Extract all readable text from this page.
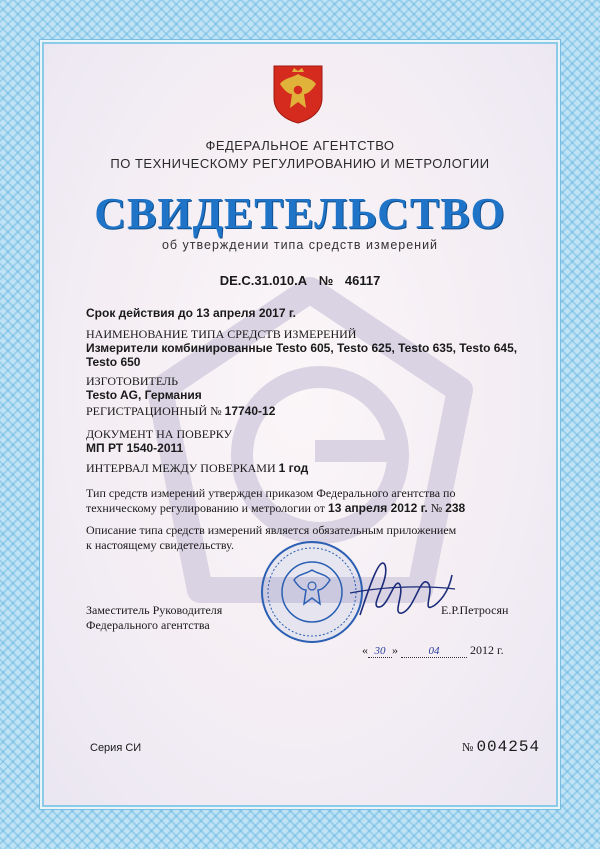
ФЕДЕРАЛЬНОЕ АГЕНТСТВО
ПО ТЕХНИЧЕСКОМУ РЕГУЛИРОВАНИЮ И МЕТРОЛОГИИ
СВИДЕТЕЛЬСТВО
об утверждении типа средств измерений
DE.C.31.010.A № 46117
Срок действия до 13 апреля 2017 г.
НАИМЕНОВАНИЕ ТИПА СРЕДСТВ ИЗМЕРЕНИЙ
Измерители комбинированные Testo 605, Testo 625, Testo 635, Testo 645,
Testo 650
ИЗГОТОВИТЕЛЬ
Testo AG, Германия
РЕГИСТРАЦИОННЫЙ № 17740-12
ДОКУМЕНТ НА ПОВЕРКУ
МП РТ 1540-2011
ИНТЕРВАЛ МЕЖДУ ПОВЕРКАМИ 1 год
Тип средств измерений утвержден приказом Федерального агентства по
техническому регулированию и метрологии от 13 апреля 2012 г. № 238
Описание типа средств измерений является обязательным приложением
к настоящему свидетельству.
Заместитель Руководителя
Федерального агентства
Е.Р.Петросян
« 30 »	04	2012 г.
Серия СИ	№ 004254
